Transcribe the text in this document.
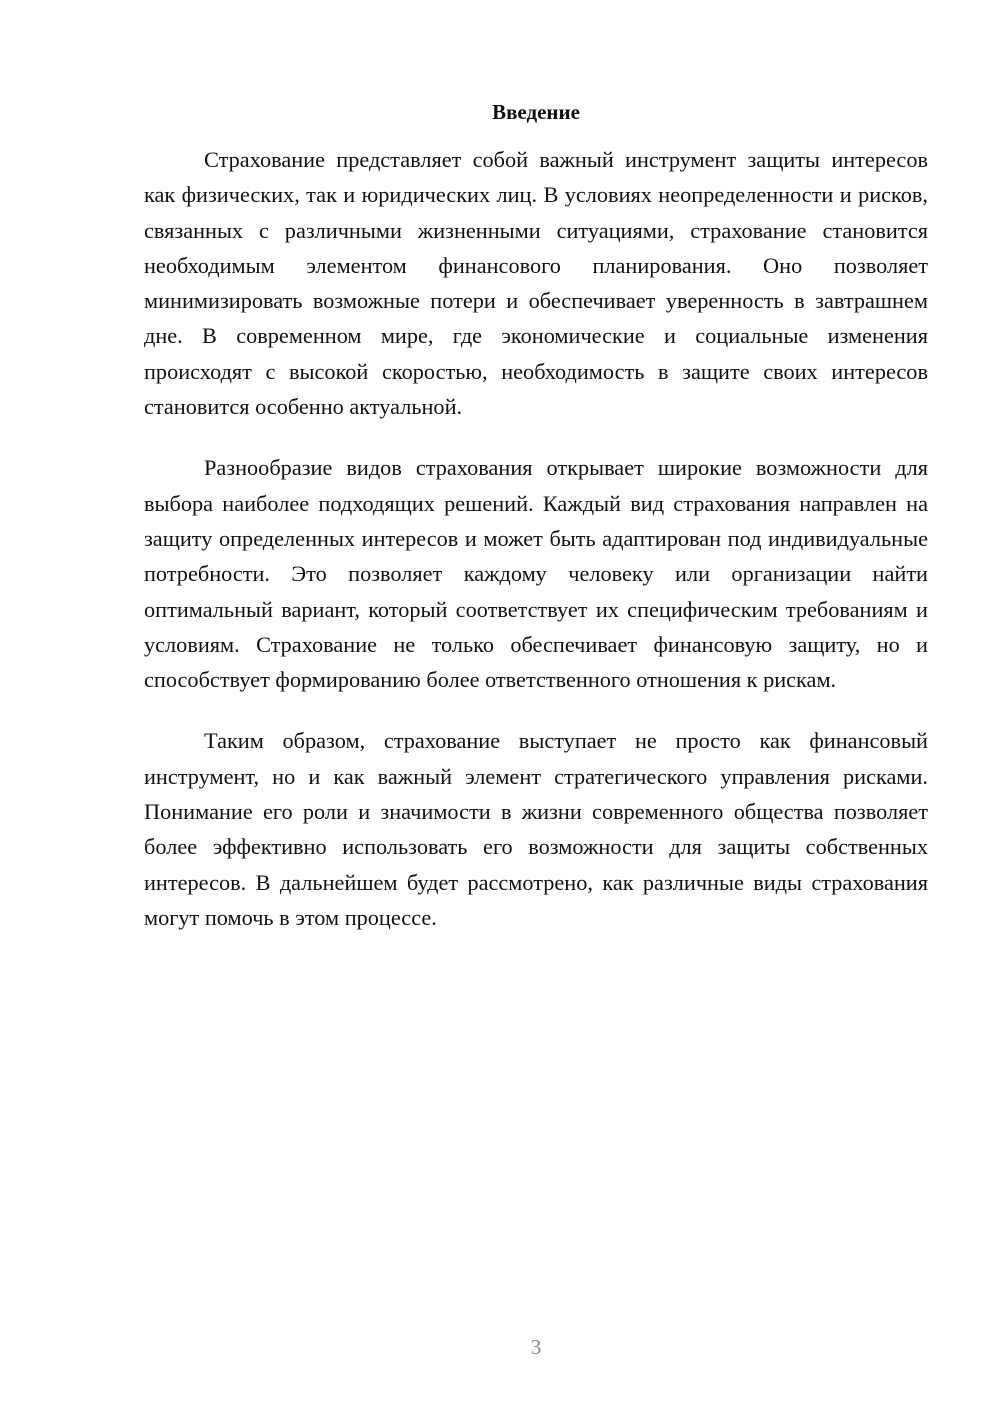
Введение

Страхование представляет собой важный инструмент защиты интересов как физических, так и юридических лиц. В условиях неопределенности и рисков, связанных с различными жизненными ситуациями, страхование становится необходимым элементом финансового планирования. Оно позволяет минимизировать возможные потери и обеспечивает уверенность в завтрашнем дне. В современном мире, где экономические и социальные изменения происходят с высокой скоростью, необходимость в защите своих интересов становится особенно актуальной.

Разнообразие видов страхования открывает широкие возможности для выбора наиболее подходящих решений. Каждый вид страхования направлен на защиту определенных интересов и может быть адаптирован под индивидуальные потребности. Это позволяет каждому человеку или организации найти оптимальный вариант, который соответствует их специфическим требованиям и условиям. Страхование не только обеспечивает финансовую защиту, но и способствует формированию более ответственного отношения к рискам.

Таким образом, страхование выступает не просто как финансовый инструмент, но и как важный элемент стратегического управления рисками. Понимание его роли и значимости в жизни современного общества позволяет более эффективно использовать его возможности для защиты собственных интересов. В дальнейшем будет рассмотрено, как различные виды страхования могут помочь в этом процессе.

3
